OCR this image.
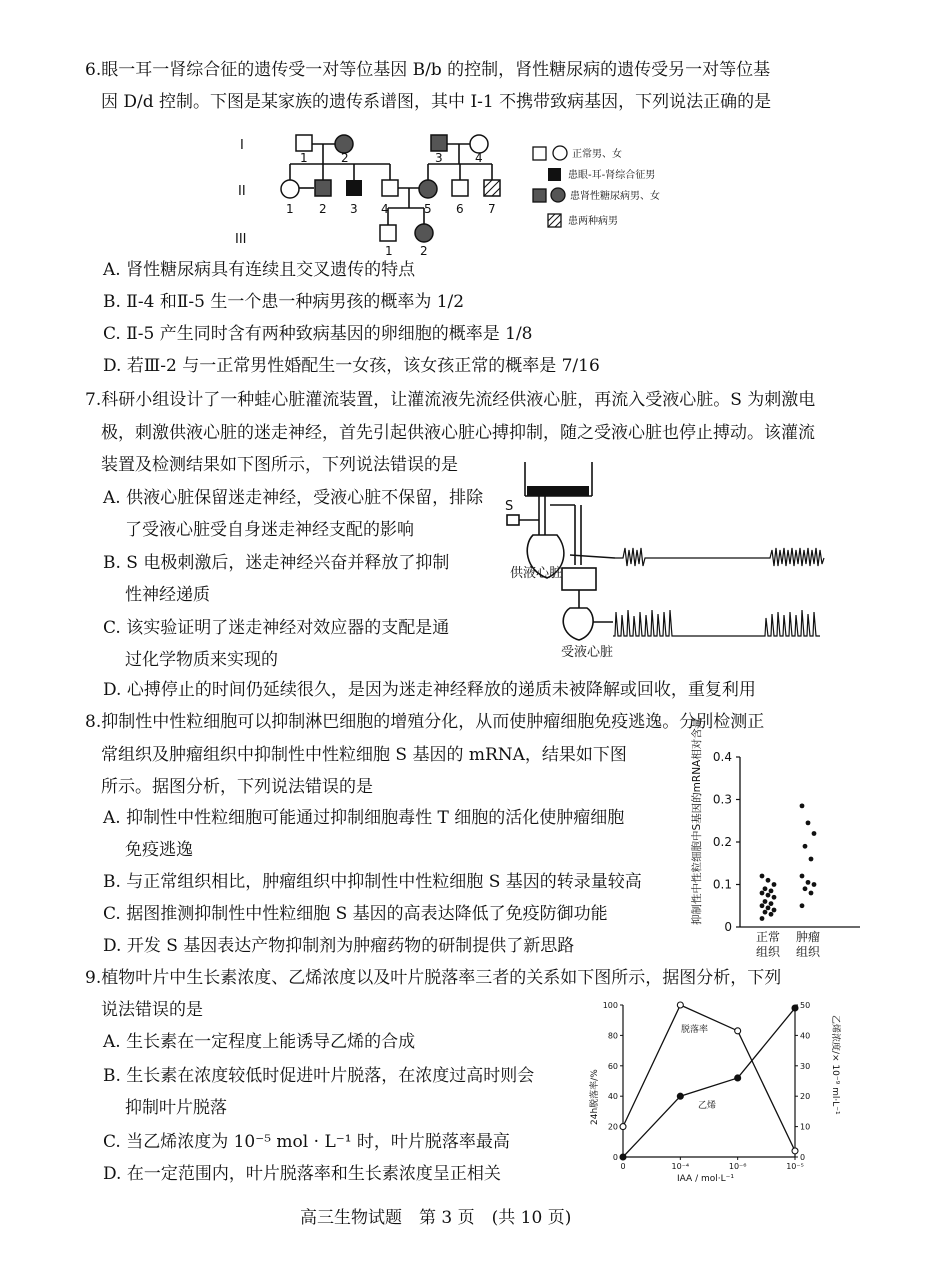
6.眼一耳一肾综合征的遗传受一对等位基因 B/b 的控制，肾性糖尿病的遗传受另一对等位基
因 D/d 控制。下图是某家族的遗传系谱图，其中 I-1 不携带致病基因，下列说法正确的是
I
II
III
1	2	3	4
1 2 3 4	5 6 7
1 2
正常男、女
患眼-耳-肾综合征男
患肾性糖尿病男、女
患两种病男
A. 肾性糖尿病具有连续且交叉遗传的特点
B. Ⅱ-4 和Ⅱ-5 生一个患一种病男孩的概率为 1/2
C. Ⅱ-5 产生同时含有两种致病基因的卵细胞的概率是 1/8
D. 若Ⅲ-2 与一正常男性婚配生一女孩，该女孩正常的概率是 7/16
7.科研小组设计了一种蛙心脏灌流装置，让灌流液先流经供液心脏，再流入受液心脏。S 为刺激电
极，刺激供液心脏的迷走神经，首先引起供液心脏心搏抑制，随之受液心脏也停止搏动。该灌流
装置及检测结果如下图所示，下列说法错误的是
A. 供液心脏保留迷走神经，受液心脏不保留，排除
了受液心脏受自身迷走神经支配的影响
B. S 电极刺激后，迷走神经兴奋并释放了抑制
性神经递质
C. 该实验证明了迷走神经对效应器的支配是通
过化学物质来实现的
D. 心搏停止的时间仍延续很久，是因为迷走神经释放的递质未被降解或回收，重复利用
S
供液心脏
受液心脏
8.抑制性中性粒细胞可以抑制淋巴细胞的增殖分化，从而使肿瘤细胞免疫逃逸。分别检测正
常组织及肿瘤组织中抑制性中性粒细胞 S 基因的 mRNA，结果如下图
所示。据图分析，下列说法错误的是
A. 抑制性中性粒细胞可能通过抑制细胞毒性 T 细胞的活化使肿瘤细胞
免疫逃逸
B. 与正常组织相比，肿瘤组织中抑制性中性粒细胞 S 基因的转录量较高
C. 据图推测抑制性中性粒细胞 S 基因的高表达降低了免疫防御功能
D. 开发 S 基因表达产物抑制剂为肿瘤药物的研制提供了新思路
抑制性中性粒细胞中S基因的mRNA相对含量
0
0.1
0.2
0.3
0.4
正常组织
肿瘤组织
9.植物叶片中生长素浓度、乙烯浓度以及叶片脱落率三者的关系如下图所示，据图分析，下列
说法错误的是
A. 生长素在一定程度上能诱导乙烯的合成
B. 生长素在浓度较低时促进叶片脱落，在浓度过高时则会
抑制叶片脱落
C. 当乙烯浓度为 10⁻⁵ mol · L⁻¹ 时，叶片脱落率最高
D. 在一定范围内，叶片脱落率和生长素浓度呈正相关	0	10⁻⁴	10⁻⁶	10⁻⁵
0
20
40
60
80
100
0
10
20
30
40
50
24h脱落率/%	乙烯浓度/× 10⁻⁹ ml·L⁻¹
IAA / mol·L⁻¹
脱落率
乙烯
高三生物试题　第 3 页　(共 10 页)
